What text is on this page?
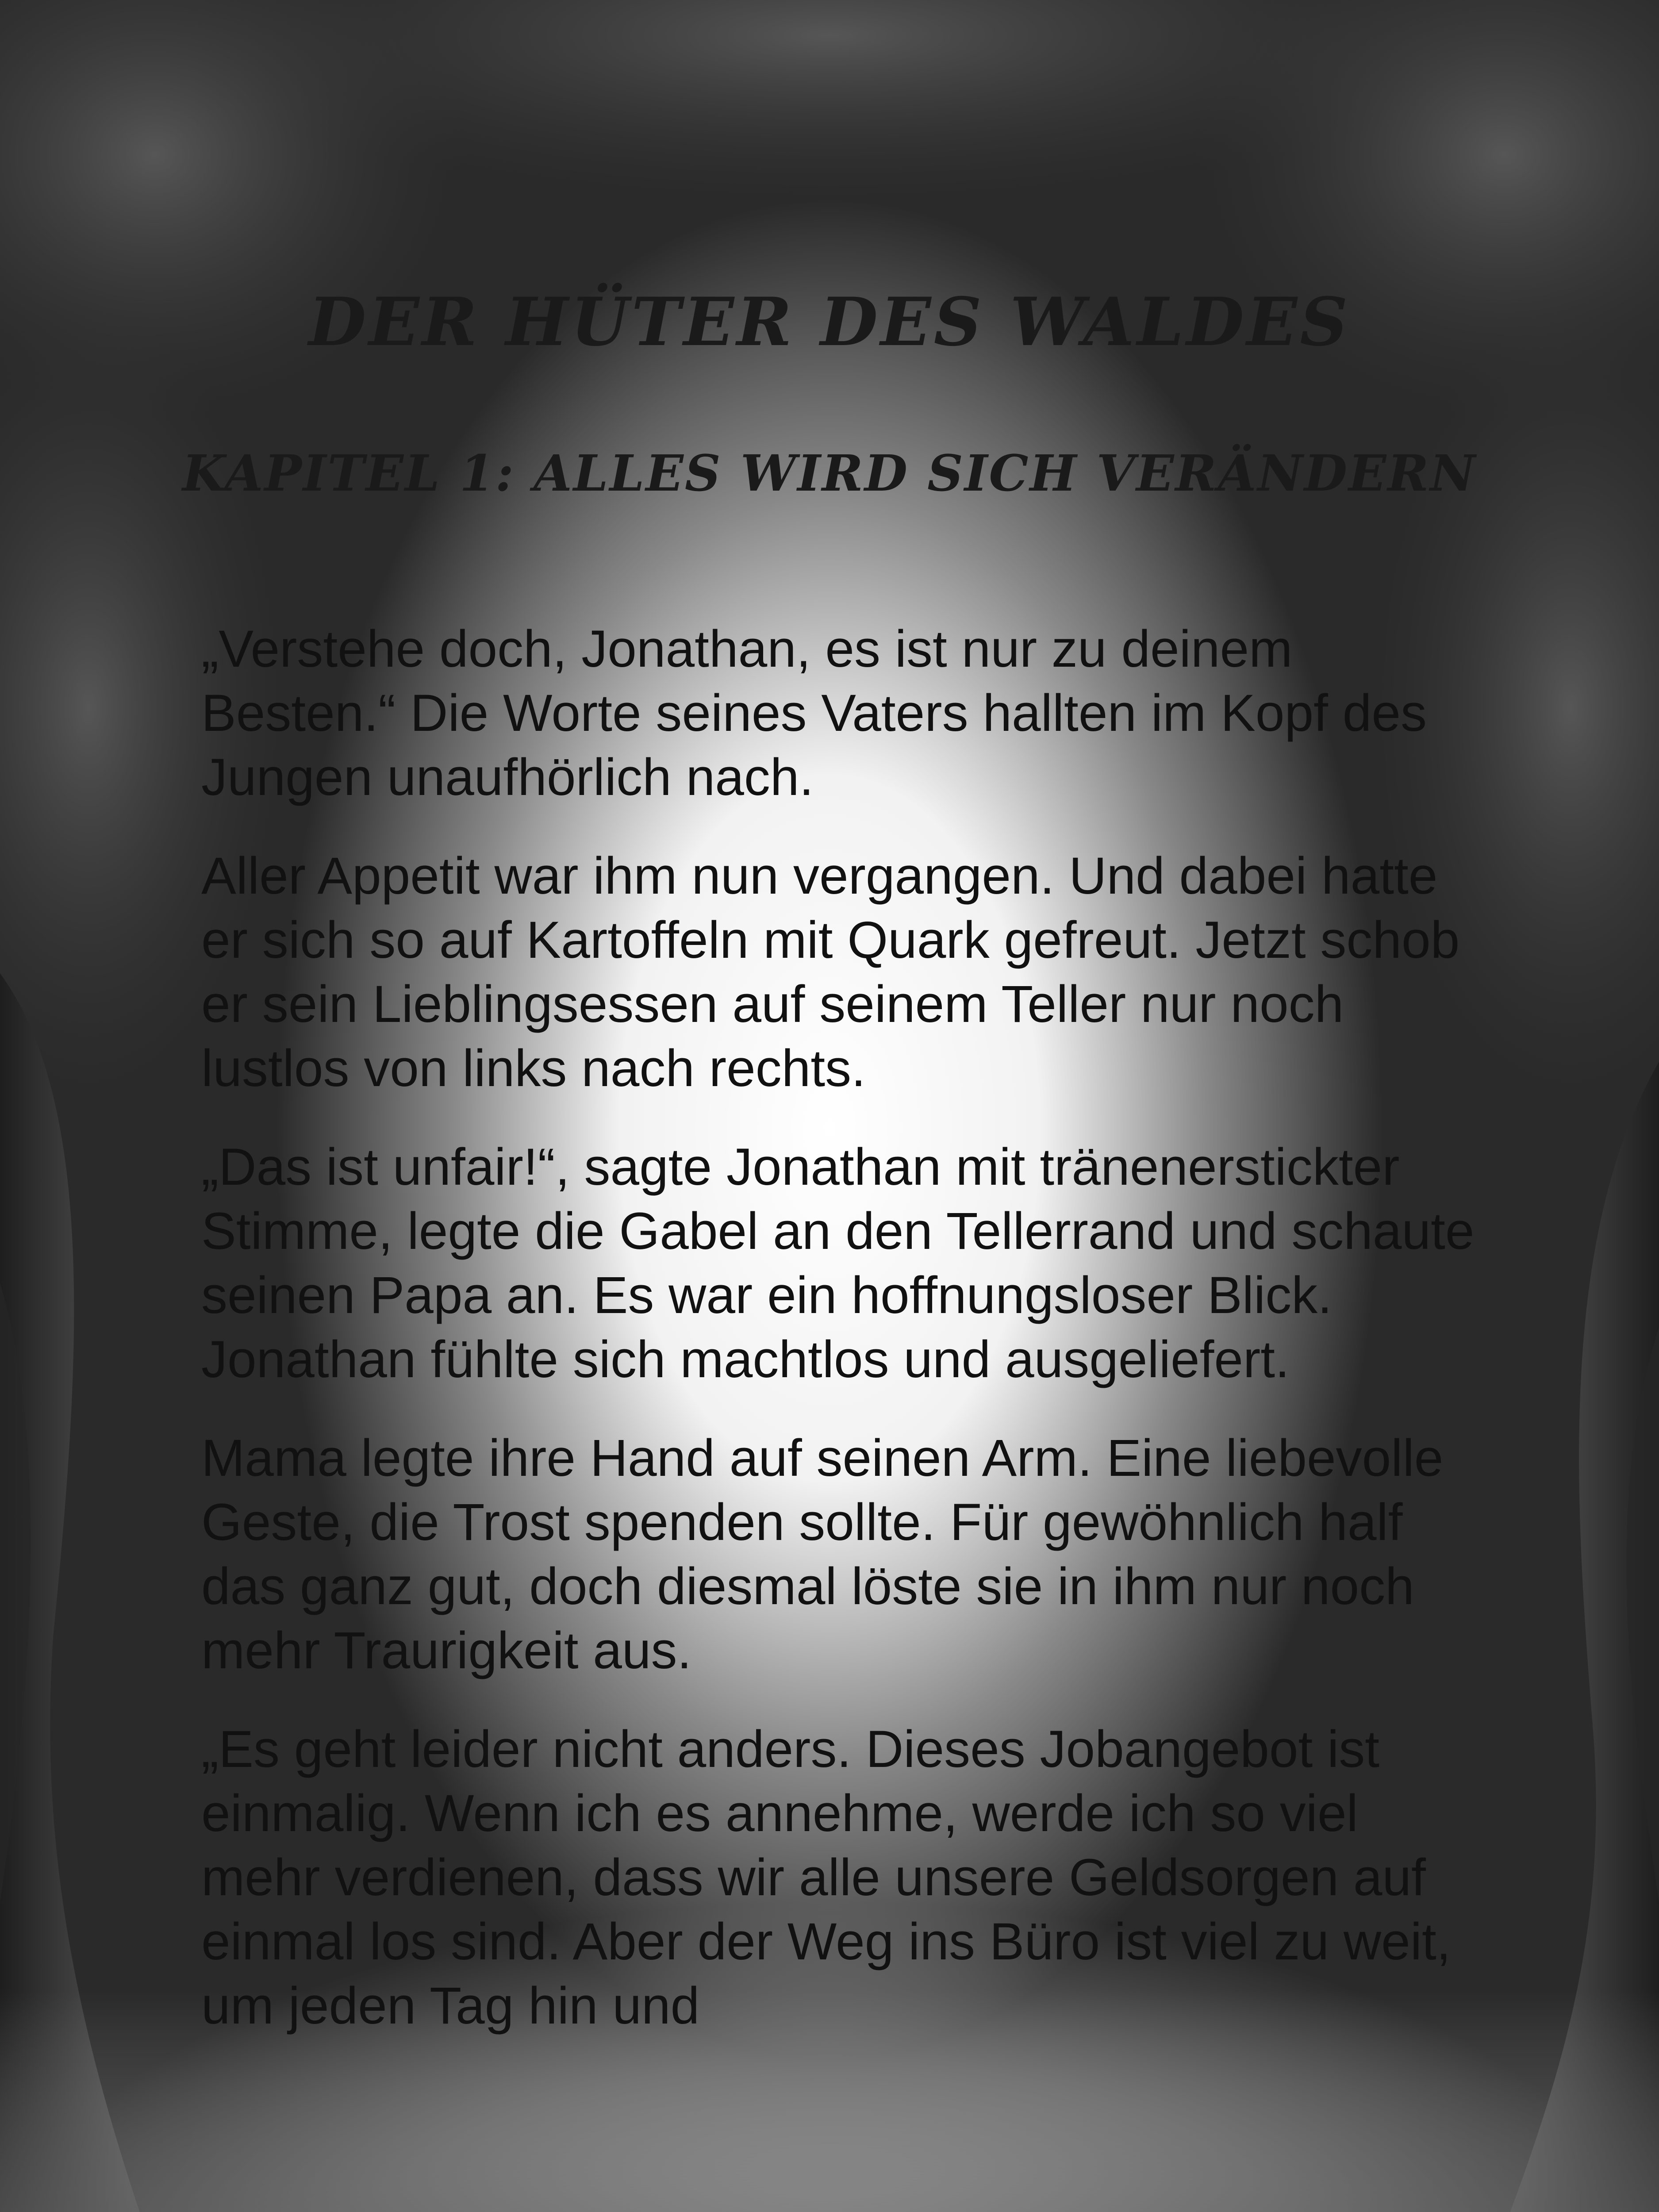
DER HÜTER DES WALDES
KAPITEL 1: ALLES WIRD SICH VERÄNDERN

„Verstehe doch, Jonathan, es ist nur zu deinem Besten.“ Die Worte seines Vaters hallten im Kopf des Jungen unaufhörlich nach.

Aller Appetit war ihm nun vergangen. Und dabei hatte er sich so auf Kartoffeln mit Quark gefreut. Jetzt schob er sein Lieblingsessen auf seinem Teller nur noch lustlos von links nach rechts.

„Das ist unfair!“, sagte Jonathan mit tränenerstickter Stimme, legte die Gabel an den Tellerrand und schaute seinen Papa an. Es war ein hoffnungsloser Blick. Jonathan fühlte sich machtlos und ausgeliefert.

Mama legte ihre Hand auf seinen Arm. Eine liebevolle Geste, die Trost spenden sollte. Für gewöhnlich half das ganz gut, doch diesmal löste sie in ihm nur noch mehr Traurigkeit aus.

„Es geht leider nicht anders. Dieses Jobangebot ist einmalig. Wenn ich es annehme, werde ich so viel mehr verdienen, dass wir alle unsere Geldsorgen auf einmal los sind. Aber der Weg ins Büro ist viel zu weit, um jeden Tag hin und
